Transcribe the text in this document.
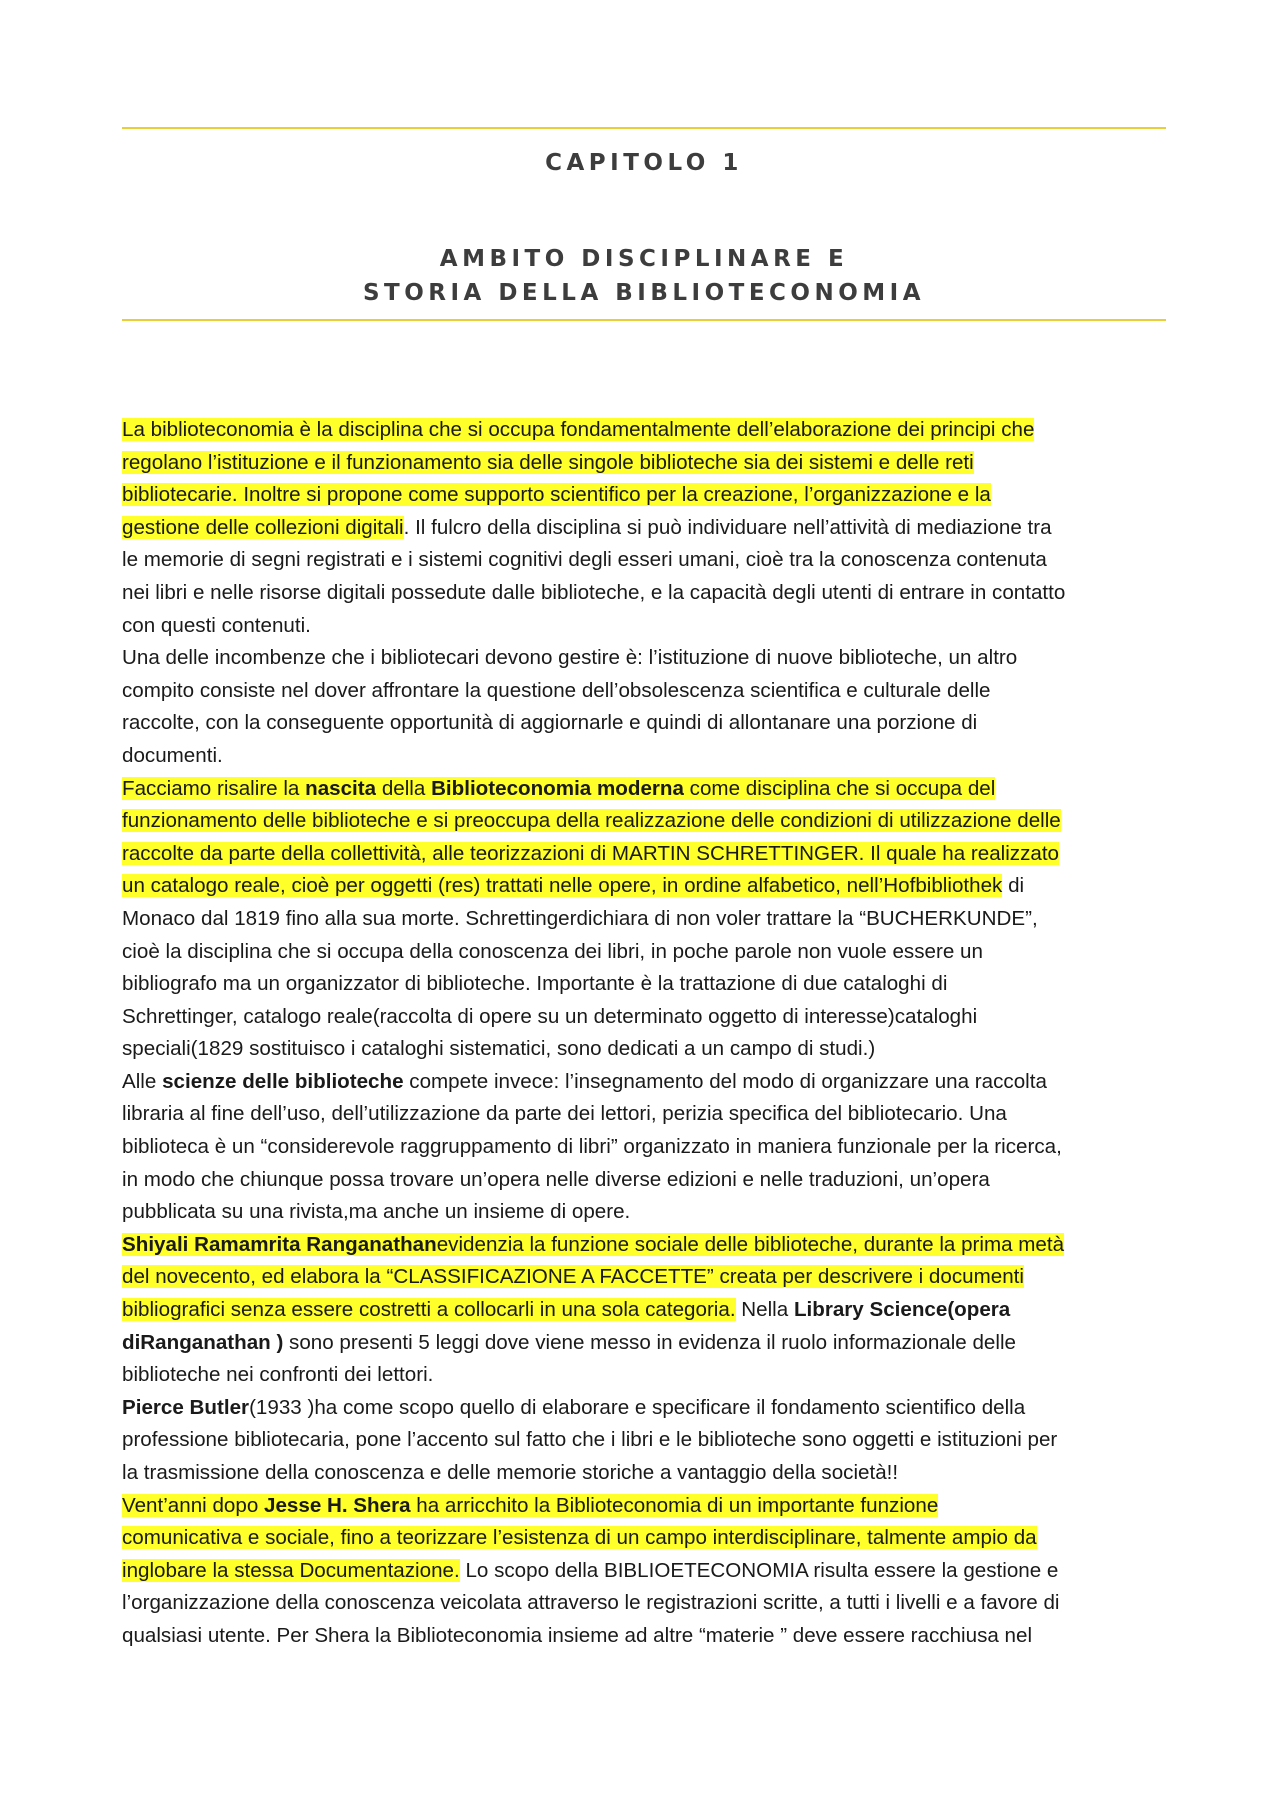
CAPITOLO 1
AMBITO DISCIPLINARE E
STORIA DELLA BIBLIOTECONOMIA
La biblioteconomia è la disciplina che si occupa fondamentalmente dell’elaborazione dei principi che
regolano l’istituzione e il funzionamento sia delle singole biblioteche sia dei sistemi e delle reti
bibliotecarie. Inoltre si propone come supporto scientifico per la creazione, l’organizzazione e la
gestione delle collezioni digitali. Il fulcro della disciplina si può individuare nell’attività di mediazione tra
le memorie di segni registrati e i sistemi cognitivi degli esseri umani, cioè tra la conoscenza contenuta
nei libri e nelle risorse digitali possedute dalle biblioteche, e la capacità degli utenti di entrare in contatto
con questi contenuti.
Una delle incombenze che i bibliotecari devono gestire è: l’istituzione di nuove biblioteche, un altro
compito consiste nel dover affrontare la questione dell’obsolescenza scientifica e culturale delle
raccolte, con la conseguente opportunità di aggiornarle e quindi di allontanare una porzione di
documenti.
Facciamo risalire la nascita della Biblioteconomia moderna come disciplina che si occupa del
funzionamento delle biblioteche e si preoccupa della realizzazione delle condizioni di utilizzazione delle
raccolte da parte della collettività, alle teorizzazioni di MARTIN SCHRETTINGER. Il quale ha realizzato
un catalogo reale, cioè per oggetti (res) trattati nelle opere, in ordine alfabetico, nell’Hofbibliothek di
Monaco dal 1819 fino alla sua morte. Schrettingerdichiara di non voler trattare la “BUCHERKUNDE”,
cioè la disciplina che si occupa della conoscenza dei libri, in poche parole non vuole essere un
bibliografo ma un organizzator di biblioteche. Importante è la trattazione di due cataloghi di
Schrettinger, catalogo reale(raccolta di opere su un determinato oggetto di interesse)cataloghi
speciali(1829 sostituisco i cataloghi sistematici, sono dedicati a un campo di studi.)
Alle scienze delle biblioteche compete invece: l’insegnamento del modo di organizzare una raccolta
libraria al fine dell’uso, dell’utilizzazione da parte dei lettori, perizia specifica del bibliotecario. Una
biblioteca è un “considerevole raggruppamento di libri” organizzato in maniera funzionale per la ricerca,
in modo che chiunque possa trovare un’opera nelle diverse edizioni e nelle traduzioni, un’opera
pubblicata su una rivista,ma anche un insieme di opere.
Shiyali Ramamrita Ranganathanevidenzia la funzione sociale delle biblioteche, durante la prima metà
del novecento, ed elabora la “CLASSIFICAZIONE A FACCETTE” creata per descrivere i documenti
bibliografici senza essere costretti a collocarli in una sola categoria. Nella Library Science(opera
diRanganathan ) sono presenti 5 leggi dove viene messo in evidenza il ruolo informazionale delle
biblioteche nei confronti dei lettori.
Pierce Butler(1933 )ha come scopo quello di elaborare e specificare il fondamento scientifico della
professione bibliotecaria, pone l’accento sul fatto che i libri e le biblioteche sono oggetti e istituzioni per
la trasmissione della conoscenza e delle memorie storiche a vantaggio della società!!
Vent’anni dopo Jesse H. Shera ha arricchito la Biblioteconomia di un importante funzione
comunicativa e sociale, fino a teorizzare l’esistenza di un campo interdisciplinare, talmente ampio da
inglobare la stessa Documentazione. Lo scopo della BIBLIOETECONOMIA risulta essere la gestione e
l’organizzazione della conoscenza veicolata attraverso le registrazioni scritte, a tutti i livelli e a favore di
qualsiasi utente. Per Shera la Biblioteconomia insieme ad altre “materie ” deve essere racchiusa nel
